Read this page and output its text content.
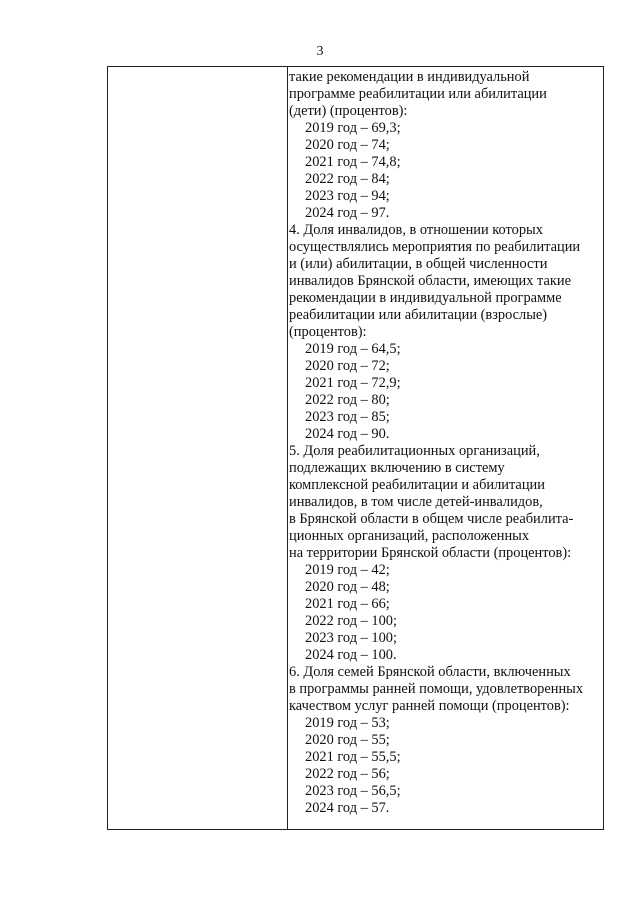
3
такие рекомендации в индивидуальной
программе реабилитации или абилитации
(дети) (процентов):
2019 год – 69,3;
2020 год – 74;
2021 год – 74,8;
2022 год – 84;
2023 год – 94;
2024 год – 97.
4. Доля инвалидов, в отношении которых
осуществлялись мероприятия по реабилитации
и (или) абилитации, в общей численности
инвалидов Брянской области, имеющих такие
рекомендации в индивидуальной программе
реабилитации или абилитации (взрослые)
(процентов):
2019 год – 64,5;
2020 год – 72;
2021 год – 72,9;
2022 год – 80;
2023 год – 85;
2024 год – 90.
5. Доля реабилитационных организаций,
подлежащих включению в систему
комплексной реабилитации и абилитации
инвалидов, в том числе детей-инвалидов,
в Брянской области в общем числе реабилита-
ционных организаций, расположенных
на территории Брянской области (процентов):
2019 год – 42;
2020 год – 48;
2021 год – 66;
2022 год – 100;
2023 год – 100;
2024 год – 100.
6. Доля семей Брянской области, включенных
в программы ранней помощи, удовлетворенных
качеством услуг ранней помощи (процентов):
2019 год – 53;
2020 год – 55;
2021 год – 55,5;
2022 год – 56;
2023 год – 56,5;
2024 год – 57.
